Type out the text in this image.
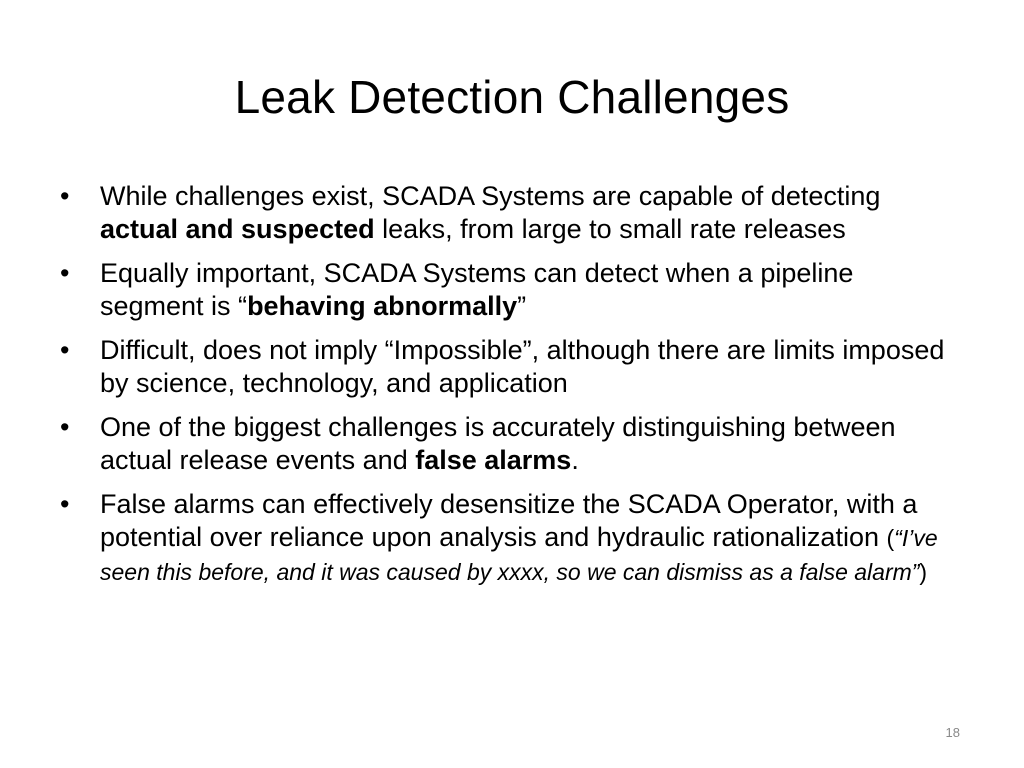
Leak Detection Challenges
•	While challenges exist, SCADA Systems are capable of detecting actual and suspected leaks, from large to small rate releases
•	Equally important, SCADA Systems can detect when a pipeline segment is “behaving abnormally”
•	Difficult, does not imply “Impossible”, although there are limits imposed by science, technology, and application
•	One of the biggest challenges is accurately distinguishing between actual release events and false alarms.
•	False alarms can effectively desensitize the SCADA Operator, with a potential over reliance upon analysis and hydraulic rationalization (“I’ve seen this before, and it was caused by xxxx, so we can dismiss as a false alarm”)
18
